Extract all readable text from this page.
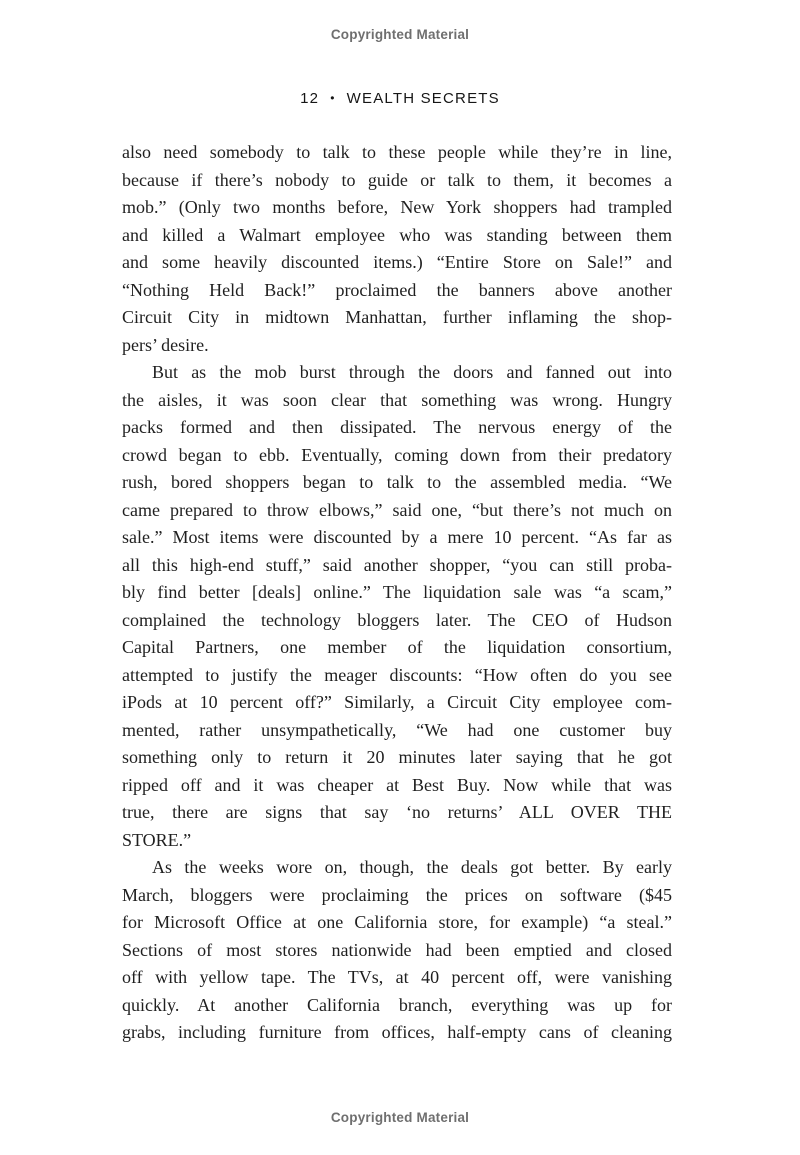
Copyrighted Material
12 • WEALTH SECRETS
also need somebody to talk to these people while they’re in line,
because if there’s nobody to guide or talk to them, it becomes a
mob.” (Only two months before, New York shoppers had trampled
and killed a Walmart employee who was standing between them
and some heavily discounted items.) “Entire Store on Sale!” and
“Nothing Held Back!” proclaimed the banners above another
Circuit City in midtown Manhattan, further inflaming the shop-
pers’ desire.
But as the mob burst through the doors and fanned out into
the aisles, it was soon clear that something was wrong. Hungry
packs formed and then dissipated. The nervous energy of the
crowd began to ebb. Eventually, coming down from their predatory
rush, bored shoppers began to talk to the assembled media. “We
came prepared to throw elbows,” said one, “but there’s not much on
sale.” Most items were discounted by a mere 10 percent. “As far as
all this high-end stuff,” said another shopper, “you can still proba-
bly find better [deals] online.” The liquidation sale was “a scam,”
complained the technology bloggers later. The CEO of Hudson
Capital Partners, one member of the liquidation consortium,
attempted to justify the meager discounts: “How often do you see
iPods at 10 percent off?” Similarly, a Circuit City employee com-
mented, rather unsympathetically, “We had one customer buy
something only to return it 20 minutes later saying that he got
ripped off and it was cheaper at Best Buy. Now while that was
true, there are signs that say ‘no returns’ ALL OVER THE
STORE.”
As the weeks wore on, though, the deals got better. By early
March, bloggers were proclaiming the prices on software ($45
for Microsoft Office at one California store, for example) “a steal.”
Sections of most stores nationwide had been emptied and closed
off with yellow tape. The TVs, at 40 percent off, were vanishing
quickly. At another California branch, everything was up for
grabs, including furniture from offices, half-empty cans of cleaning
Copyrighted Material
